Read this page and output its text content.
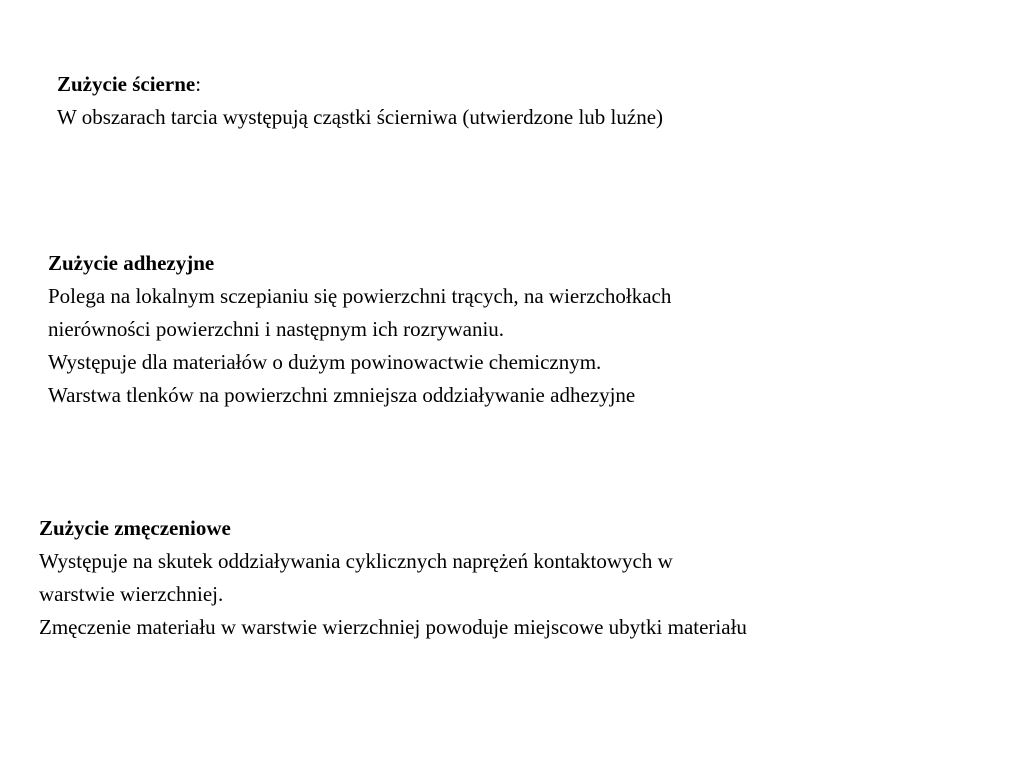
Zużycie ścierne:
W obszarach tarcia występują cząstki ścierniwa (utwierdzone lub luźne)
Zużycie adhezyjne
Polega na lokalnym sczepianiu się powierzchni trących, na wierzchołkach
nierówności powierzchni i następnym ich rozrywaniu.
Występuje dla materiałów o dużym powinowactwie chemicznym.
Warstwa tlenków na powierzchni zmniejsza oddziaływanie adhezyjne
Zużycie zmęczeniowe
Występuje na skutek oddziaływania cyklicznych naprężeń kontaktowych w
warstwie wierzchniej.
Zmęczenie materiału w warstwie wierzchniej powoduje miejscowe ubytki materiału
